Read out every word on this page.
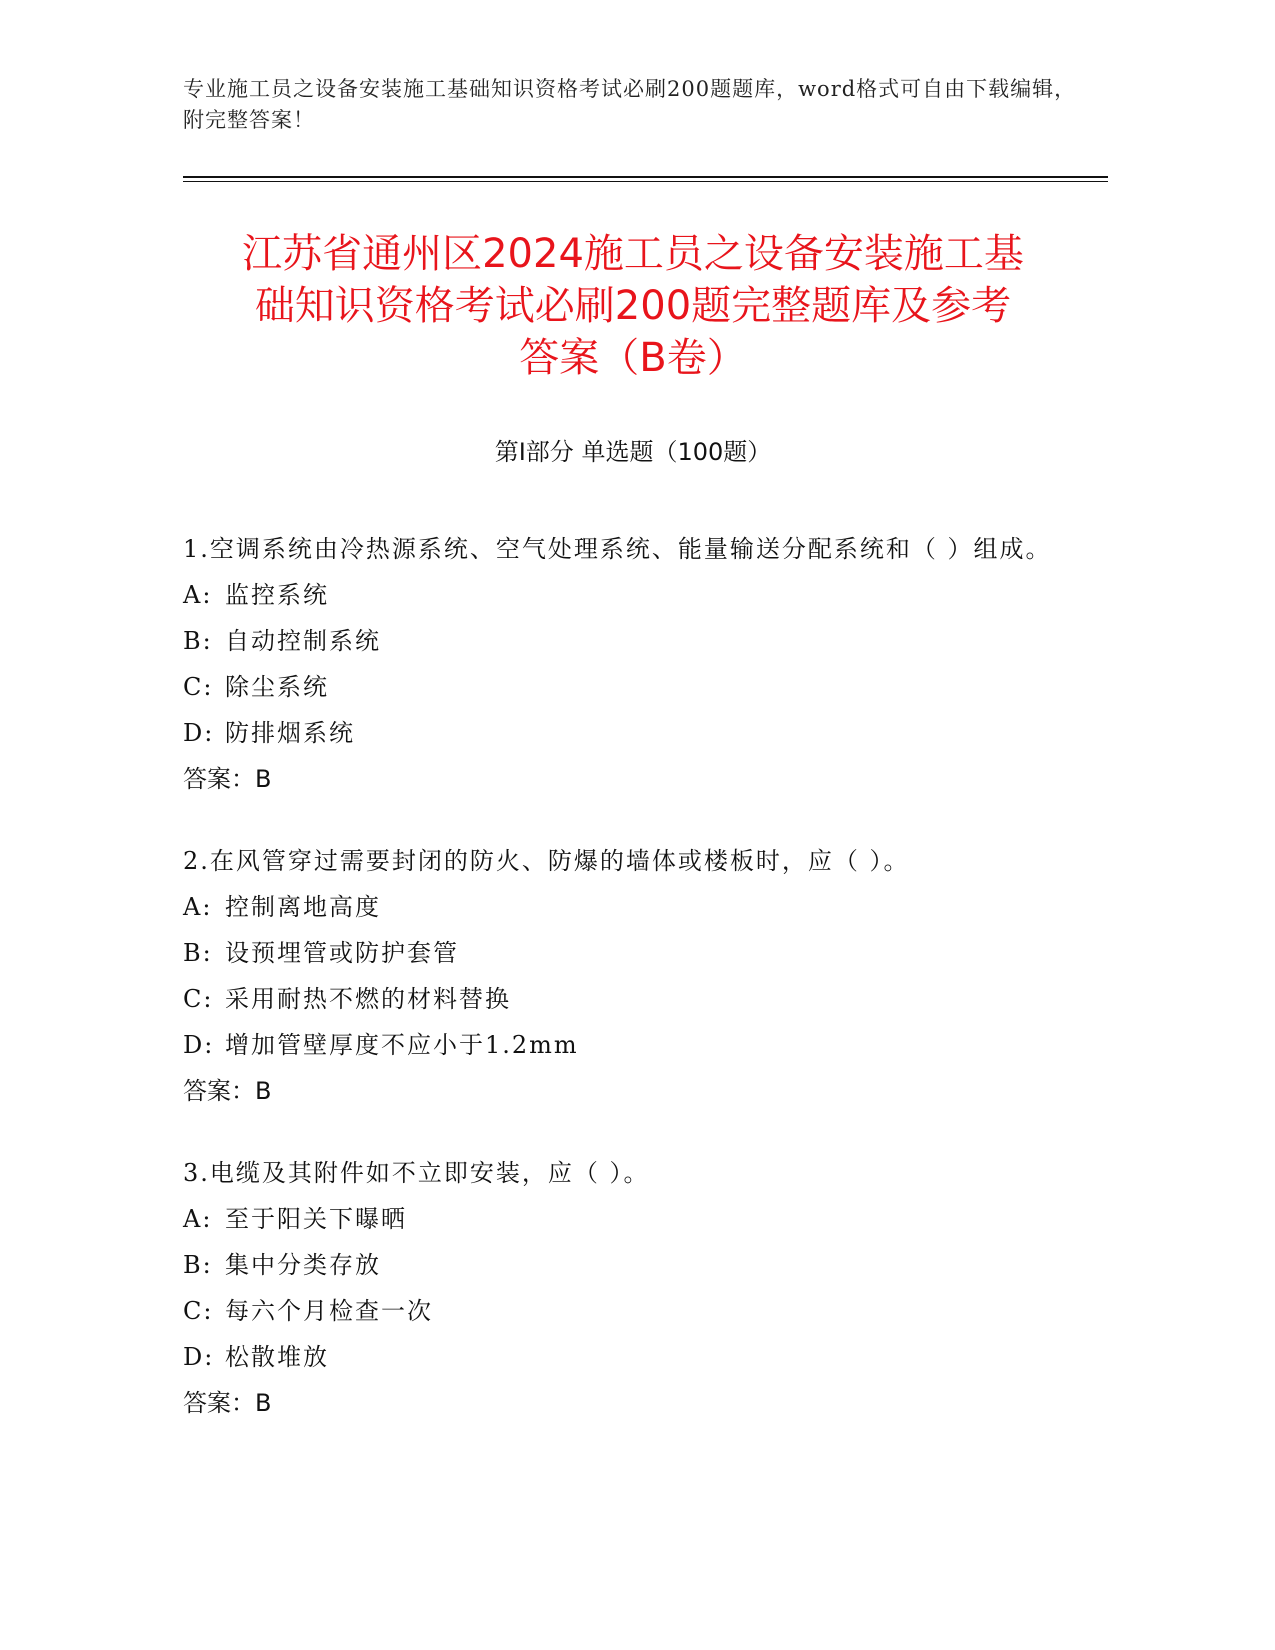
专业施工员之设备安装施工基础知识资格考试必刷200题题库，word格式可自由下载编辑，附完整答案！
江苏省通州区2024施工员之设备安装施工基
础知识资格考试必刷200题完整题库及参考
答案（B卷）
第Ⅰ部分 单选题（100题）

1.空调系统由冷热源系统、空气处理系统、能量输送分配系统和（ ）组成。

A: 监控系统
B: 自动控制系统
C: 除尘系统
D: 防排烟系统
答案：B

2.在风管穿过需要封闭的防火、防爆的墙体或楼板时，应（ ）。

A: 控制离地高度
B: 设预埋管或防护套管
C: 采用耐热不燃的材料替换
D: 增加管壁厚度不应小于1.2mm
答案：B

3.电缆及其附件如不立即安装，应（ ）。

A: 至于阳关下曝晒
B: 集中分类存放
C: 每六个月检查一次
D: 松散堆放
答案：B
